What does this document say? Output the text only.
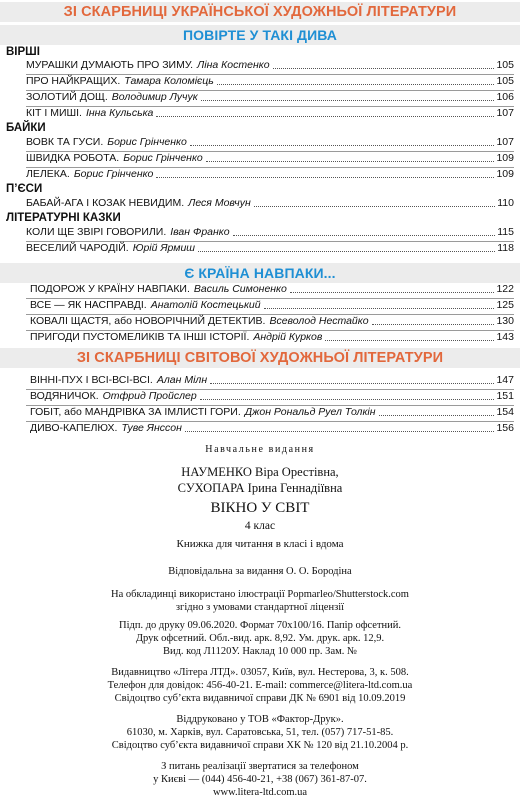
ЗІ СКАРБНИЦІ УКРАЇНСЬКОЇ ХУДОЖНЬОЇ ЛІТЕРАТУРИ
ПОВІРТЕ У ТАКІ ДИВА
ВІРШІ
МУРАШКИ ДУМАЮТЬ ПРО ЗИМУ. Ліна Костенко	105
ПРО НАЙКРАЩИХ. Тамара Коломієць	105
ЗОЛОТИЙ ДОЩ. Володимир Лучук	106
КІТ І МИШІ. Інна Кульська	107
БАЙКИ
ВОВК ТА ГУСИ. Борис Грінченко	107
ШВИДКА РОБОТА. Борис Грінченко	109
ЛЕЛЕКА. Борис Грінченко	109
П’ЄСИ
БАБАЙ-АГА І КОЗАК НЕВИДИМ. Леся Мовчун	110
ЛІТЕРАТУРНІ КАЗКИ
КОЛИ ЩЕ ЗВІРІ ГОВОРИЛИ. Іван Франко	115
ВЕСЕЛИЙ ЧАРОДІЙ. Юрій Ярмиш	118
Є КРАЇНА НАВПАКИ...
ПОДОРОЖ У КРАЇНУ НАВПАКИ. Василь Симоненко	122
ВСЕ — ЯК НАСПРАВДІ. Анатолій Костецький	125
КОВАЛІ ЩАСТЯ, або НОВОРІЧНИЙ ДЕТЕКТИВ. Всеволод Нестайко	130
ПРИГОДИ ПУСТОМЕЛИКІВ ТА ІНШІ ІСТОРІЇ. Андрій Курков	143
ЗІ СКАРБНИЦІ СВІТОВОЇ ХУДОЖНЬОЇ ЛІТЕРАТУРИ
ВІННІ-ПУХ І ВСІ-ВСІ-ВСІ. Алан Мілн	147
ВОДЯНИЧОК. Отфрид Пройслер	151
ГОБІТ, або МАНДРІВКА ЗА ІМЛИСТІ ГОРИ. Джон Рональд Руел Толкін	154
ДИВО-КАПЕЛЮХ. Туве Янссон	156
Навчальне видання
НАУМЕНКО Віра Орестівна,
СУХОПАРА Ірина Геннадіївна
ВІКНО У СВІТ
4 клас
Книжка для читання в класі і вдома
Відповідальна за видання О. О. Бородіна
На обкладинці використано ілюстрації Popmarleo/Shutterstock.com
згідно з умовами стандартної ліцензії
Підп. до друку 09.06.2020. Формат 70x100/16. Папір офсетний.
Друк офсетний. Обл.-вид. арк. 8,92. Ум. друк. арк. 12,9.
Вид. код Л1120У. Наклад 10 000 пр. Зам. №
Видавництво «Літера ЛТД». 03057, Київ, вул. Нестерова, 3, к. 508.
Телефон для довідок: 456-40-21. E-mail: commerce@litera-ltd.com.ua
Свідоцтво суб’єкта видавничої справи ДК № 6901 від 10.09.2019
Віддруковано у ТОВ «Фактор-Друк».
61030, м. Харків, вул. Саратовська, 51, тел. (057) 717-51-85.
Свідоцтво суб’єкта видавничої справи ХК № 120 від 21.10.2004 р.
З питань реалізації звертатися за телефоном
у Києві — (044) 456-40-21, +38 (067) 361-87-07.
www.litera-ltd.com.ua
